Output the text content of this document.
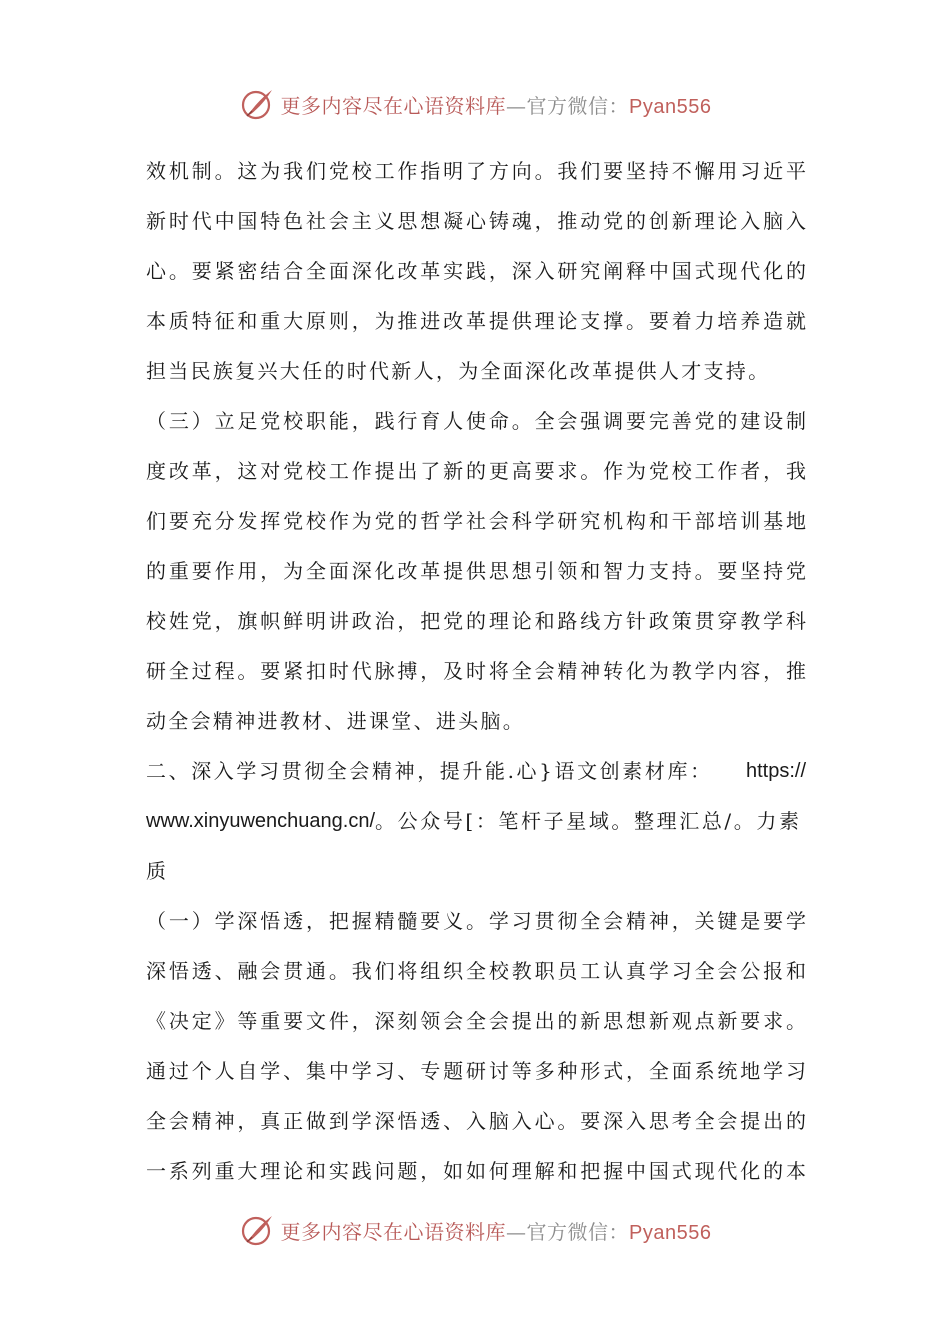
更多内容尽在心语资料库—官方微信：Pyan556
效机制。这为我们党校工作指明了方向。我们要坚持不懈用习近平
新时代中国特色社会主义思想凝心铸魂，推动党的创新理论入脑入
心。要紧密结合全面深化改革实践，深入研究阐释中国式现代化的
本质特征和重大原则，为推进改革提供理论支撑。要着力培养造就
担当民族复兴大任的时代新人，为全面深化改革提供人才支持。
（三）立足党校职能，践行育人使命。全会强调要完善党的建设制
度改革，这对党校工作提出了新的更高要求。作为党校工作者，我
们要充分发挥党校作为党的哲学社会科学研究机构和干部培训基地
的重要作用，为全面深化改革提供思想引领和智力支持。要坚持党
校姓党，旗帜鲜明讲政治，把党的理论和路线方针政策贯穿教学科
研全过程。要紧扣时代脉搏，及时将全会精神转化为教学内容，推
动全会精神进教材、进课堂、进头脑。
二、深入学习贯彻全会精神，提升能.心}语文创素材库： https://
www.xinyuwenchuang.cn/ 。公众号[：笔杆子星域。整理汇总/。力素
质
（一）学深悟透，把握精髓要义。学习贯彻全会精神，关键是要学
深悟透、融会贯通。我们将组织全校教职员工认真学习全会公报和
《决定》等重要文件，深刻领会全会提出的新思想新观点新要求。
通过个人自学、集中学习、专题研讨等多种形式，全面系统地学习
全会精神，真正做到学深悟透、入脑入心。要深入思考全会提出的
一系列重大理论和实践问题，如如何理解和把握中国式现代化的本
更多内容尽在心语资料库—官方微信：Pyan556
